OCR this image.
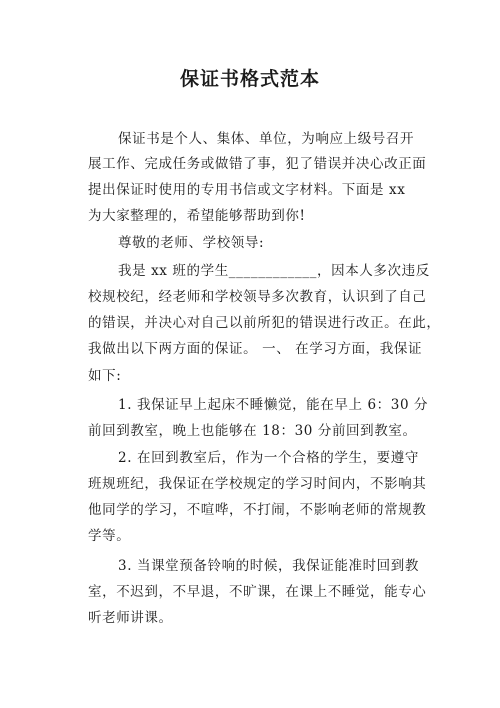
保证书格式范本
保证书是个人、集体、单位，为响应上级号召开
展工作、完成任务或做错了事，犯了错误并决心改正面
提出保证时使用的专用书信或文字材料。下面是 xx
为大家整理的，希望能够帮助到你!
尊敬的老师、学校领导:
我是 xx 班的学生____________，因本人多次违反
校规校纪，经老师和学校领导多次教育，认识到了自己
的错误，并决心对自己以前所犯的错误进行改正。在此，
我做出以下两方面的保证。 一、 在学习方面，我保证
如下:
1. 我保证早上起床不睡懒觉，能在早上 6：30 分
前回到教室，晚上也能够在 18：30 分前回到教室。
2. 在回到教室后，作为一个合格的学生，要遵守
班规班纪，我保证在学校规定的学习时间内，不影响其
他同学的学习，不喧哗，不打闹，不影响老师的常规教
学等。
3. 当课堂预备铃响的时候，我保证能准时回到教
室，不迟到，不早退，不旷课，在课上不睡觉，能专心
听老师讲课。
